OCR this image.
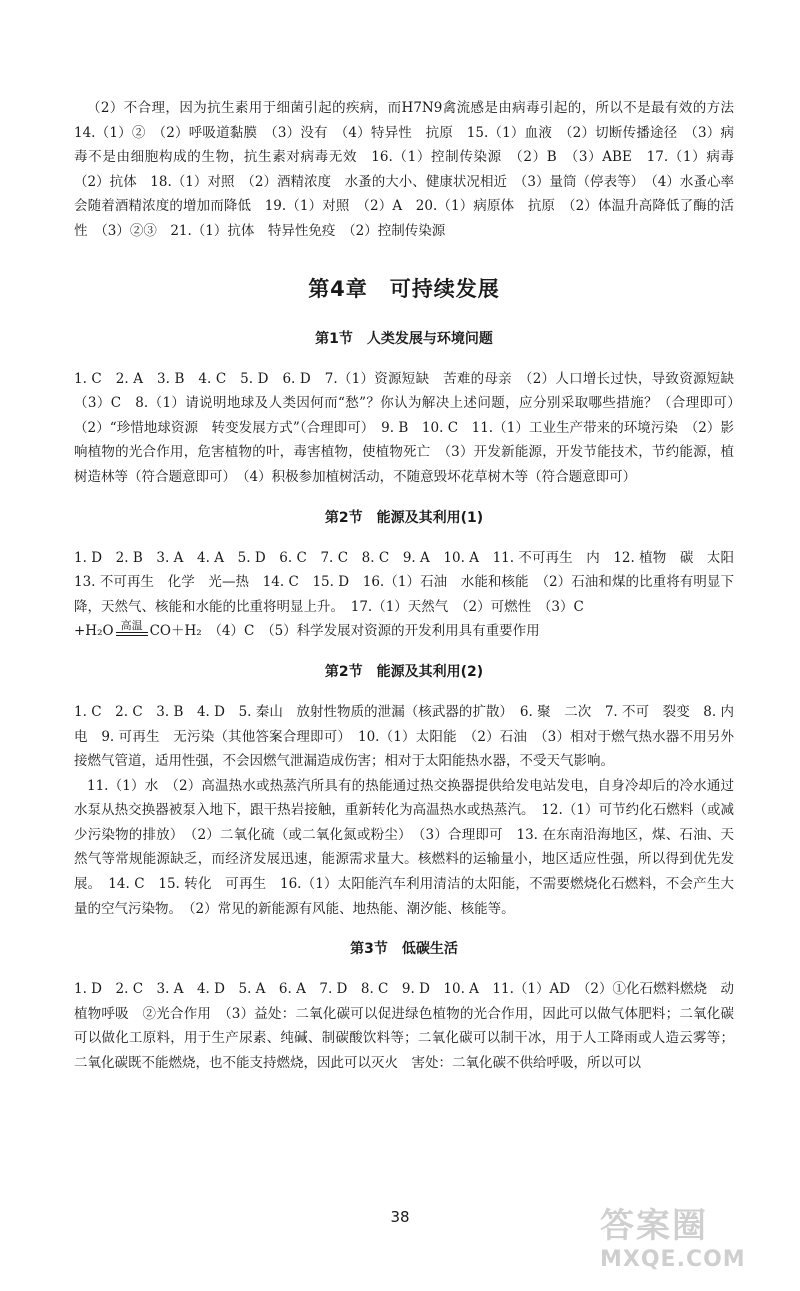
（2）不合理，因为抗生素用于细菌引起的疾病，而H7N9禽流感是由病毒引起的，所以不是最有效的方法　14.（1）②　（2）呼吸道黏膜　（3）没有　（4）特异性　抗原　15.（1）血液　（2）切断传播途径　（3）病毒不是由细胞构成的生物，抗生素对病毒无效　16.（1）控制传染源　（2）B　（3）ABE　17.（1）病毒　（2）抗体　18.（1）对照　（2）酒精浓度　水蚤的大小、健康状况相近　（3）量筒（停表等）　（4）水蚤心率会随着酒精浓度的增加而降低　19.（1）对照　（2）A　20.（1）病原体　抗原　（2）体温升高降低了酶的活性　（3）②③　21.（1）抗体　特异性免疫　（2）控制传染源

第4章　可持续发展
第1节　人类发展与环境问题

1. C　2. A　3. B　4. C　5. D　6. D　7.（1）资源短缺　苦难的母亲　（2）人口增长过快，导致资源短缺　（3）C　8.（1）请说明地球及人类因何而“愁”？你认为解决上述问题，应分别采取哪些措施？（合理即可）　（2）“珍惜地球资源　转变发展方式”（合理即可）　9. B　10. C　11.（1）工业生产带来的环境污染　（2）影响植物的光合作用，危害植物的叶，毒害植物，使植物死亡　（3）开发新能源，开发节能技术，节约能源，植树造林等（符合题意即可）　（4）积极参加植树活动，不随意毁坏花草树木等（符合题意即可）

第2节　能源及其利用(1)

1. D　2. B　3. A　4. A　5. D　6. C　7. C　8. C　9. A　10. A　11. 不可再生　内　12. 植物　碳　太阳　13. 不可再生　化学　光—热　14. C　15. D　16.（1）石油　水能和核能　（2）石油和煤的比重将有明显下降，天然气、核能和水能的比重将明显上升。　17.（1）天然气　（2）可燃性　（3）C

+H₂O 高温 CO＋H₂　 （4）C　（5）科学发展对资源的开发利用具有重要作用

第2节　能源及其利用(2)

1. C　2. C　3. B　4. D　5. 秦山　放射性物质的泄漏（核武器的扩散）　6. 聚　二次　7. 不可　裂变　8. 内　电　9. 可再生　无污染（其他答案合理即可）　10.（1）太阳能　（2）石油　（3）相对于燃气热水器不用另外接燃气管道，适用性强，不会因燃气泄漏造成伤害；相对于太阳能热水器，不受天气影响。

11.（1）水　（2）高温热水或热蒸汽所具有的热能通过热交换器提供给发电站发电，自身冷却后的冷水通过水泵从热交换器被泵入地下，跟干热岩接触，重新转化为高温热水或热蒸汽。　12.（1）可节约化石燃料（或减少污染物的排放）　（2）二氧化硫（或二氧化氮或粉尘）　（3）合理即可　13. 在东南沿海地区，煤、石油、天然气等常规能源缺乏，而经济发展迅速，能源需求量大。核燃料的运输量小，地区适应性强，所以得到优先发展。　14. C　15. 转化　可再生　16.（1）太阳能汽车利用清洁的太阳能，不需要燃烧化石燃料，不会产生大量的空气污染物。　（2）常见的新能源有风能、地热能、潮汐能、核能等。

第3节　低碳生活

1. D　2. C　3. A　4. D　5. A　6. A　7. D　8. C　9. D　10. A　11.（1）AD　（2）①化石燃料燃烧　动植物呼吸　②光合作用　（3）益处：二氧化碳可以促进绿色植物的光合作用，因此可以做气体肥料；二氧化碳可以做化工原料，用于生产尿素、纯碱、制碳酸饮料等；二氧化碳可以制干冰，用于人工降雨或人造云雾等；二氧化碳既不能燃烧，也不能支持燃烧，因此可以灭火　害处：二氧化碳不供给呼吸，所以可以

38	答案圈
MXQE.COM
